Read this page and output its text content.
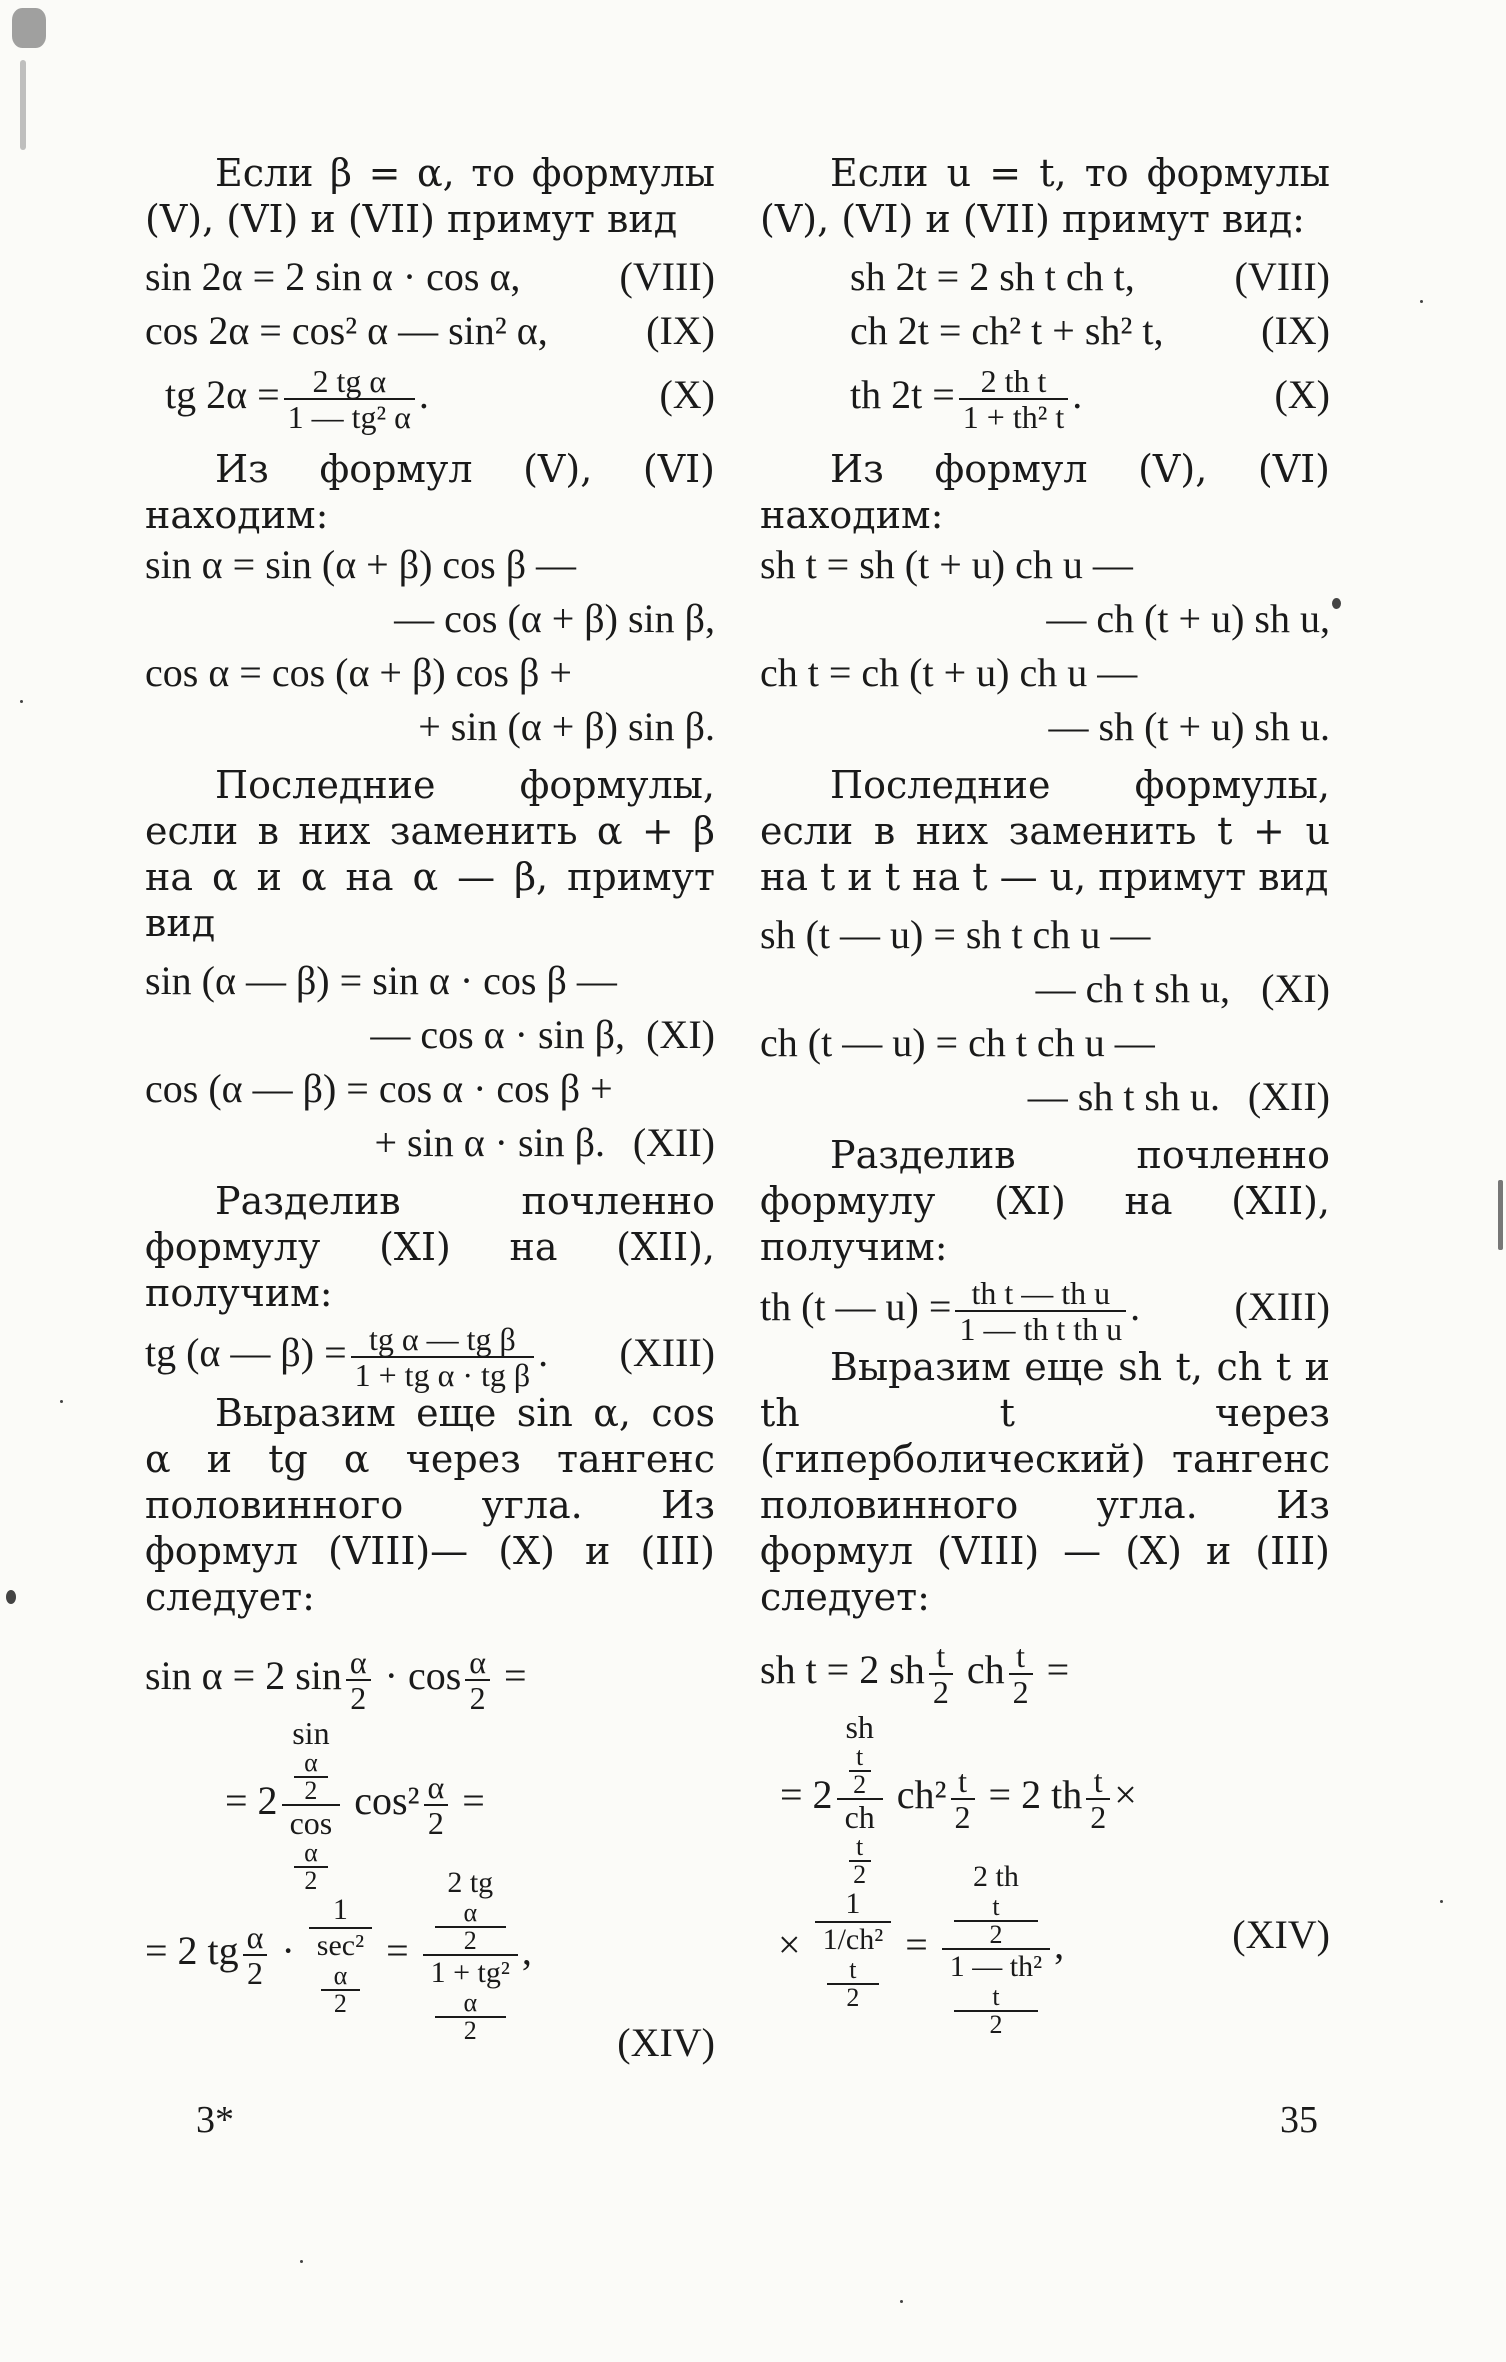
Если β = α, то формулы (V), (VI) и (VII) примут вид

sin 2α = 2 sin α · cos α, (VIII)
cos 2α = cos² α — sin² α, (IX)
tg $2\alpha = \frac{\text{2 tg α}}{\text{1 — tg² α}}$ .	(X)

Из формул (V), (VI) находим:

sin α = sin (α + β) cos β —
— cos (α + β) sin β,
cos α = cos (α + β) cos β +
+ sin (α + β) sin β.

Последние формулы, если в них заменить α + β на α и α на α — β, примут вид

sin (α — β) = sin α · cos β —
— cos α · sin β, (XI)
cos (α — β) = cos α · cos β +
+ sin α · sin β. (XII)

Разделив почленно формулу (XI) на (XII), получим:

tg (α — $\beta) = \frac{\text{tg α — tg β}}{\text{1 + tg α · tg β}}$ . (XIII)

Выразим еще sin α, cos α и tg α через тангенс половинного угла. Из формул (VIII)— (X) и (III) следует:

sin α = 2 $\sin \frac{\alpha}{2} \cdot \cos \frac{\alpha}{2}$ =
= 2 sin
α
2
cos
α
2 $\cos^2 \frac{\alpha}{2}$ =
= 2 tg $\frac{\alpha}{2} \cdot 1$
sec²
α
2 = 2 tg
α
2
1 + tg²
α
2 ,
(XIV)

Если u = t, то формулы (V), (VI) и (VII) примут вид:

sh 2t = 2 sh t ch t, (VIII)
ch 2t = ch² t + sh² t, (IX)
th $2t = \frac{\text{2 th t}}{\text{1 + th² t}}$ .	(X)

Из формул (V), (VI) находим:

sh t = sh (t + u) ch u —
— ch (t + u) sh u,
ch t = ch (t + u) ch u —
— sh (t + u) sh u.

Последние формулы, если в них заменить t + u на t и t на t — u, примут вид

sh (t — u) = sh t ch u —
— ch t sh u, (XI)
ch (t — u) = ch t ch u —
— sh t sh u. (XII)

Разделив почленно формулу (XI) на (XII), получим:

th (t — $u) = \frac{\text{th t — th u}}{\text{1 — th t th u}}$ . (XIII)

Выразим еще sh t, ch t и th t через (гиперболический) тангенс половинного угла. Из формул (VIII) — (X) и (III) следует:

sh t = 2 sh $\frac{t}{2}$ ch $\frac{t}{2}$ =
= 2 sh
t
2
ch
t
2 $ch^2 \frac{t}{2} = 2$ th $\frac{t}{2}$ ×
× 1
1/ch²
t
2 = 2 th
t
2
1 — th²
t
2 ,	(XIV)
3*	35
